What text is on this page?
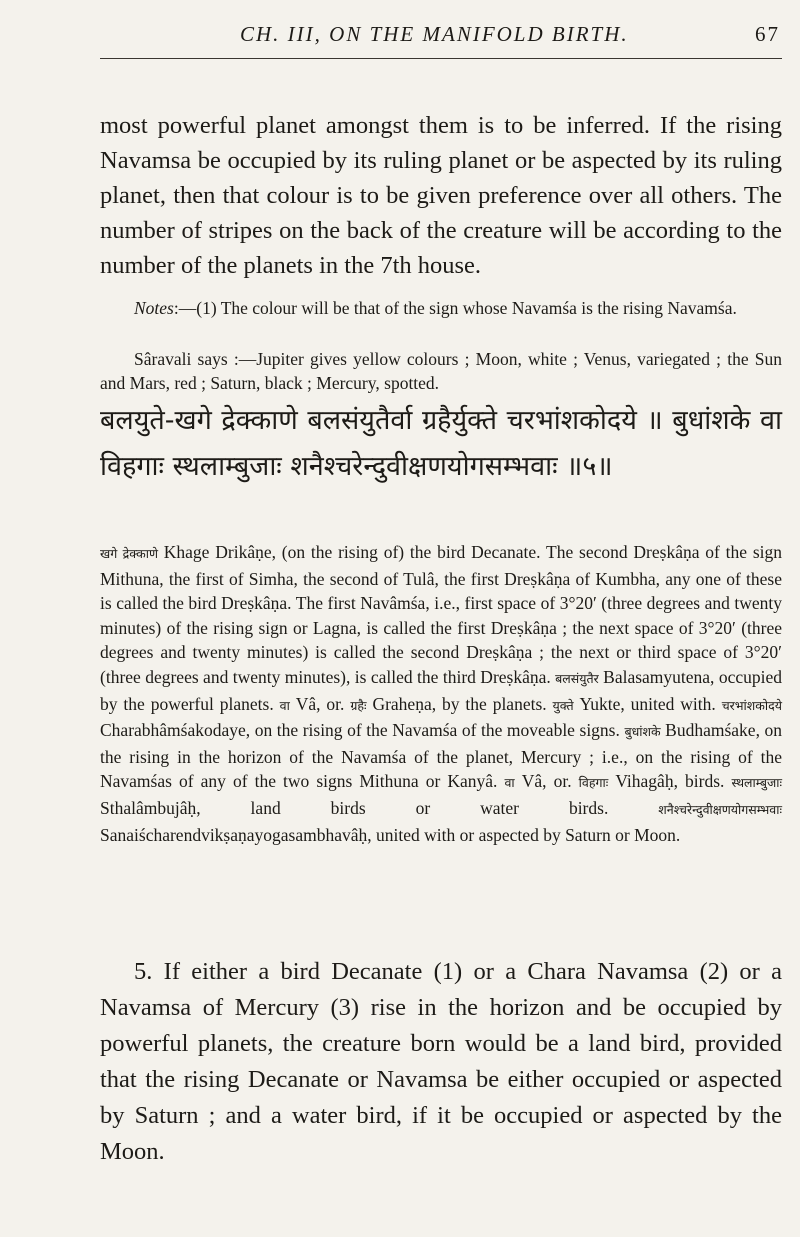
CH. III, ON THE MANIFOLD BIRTH.	67

most powerful planet amongst them is to be inferred. If the rising Navamsa be occupied by its ruling planet or be aspected by its ruling planet, then that colour is to be given preference over all others. The number of stripes on the back of the creature will be according to the number of the planets in the 7th house.

Notes:—(1) The colour will be that of the sign whose Navamśa is the rising Navamśa.

Sâravali says :—Jupiter gives yellow colours ; Moon, white ; Venus, variegated ; the Sun and Mars, red ; Saturn, black ; Mercury, spotted.

बलयुते-खगे द्रेक्काणे बलसंयुतैर्वा ग्रहैर्युक्ते चरभांशकोदये ॥ बुधांशके वा विहगाः स्थलाम्बुजाः शनैश्चरेन्दुवीक्षणयोगसम्भवाः ॥५॥

खगे द्रेक्काणे Khage Drikâṇe, (on the rising of) the bird Decanate. The second Dreṣkâṇa of the sign Mithuna, the first of Simha, the second of Tulâ, the first Dreṣkâṇa of Kumbha, any one of these is called the bird Dreṣkâṇa. The first Navâmśa, i.e., first space of 3°20′ (three degrees and twenty minutes) of the rising sign or Lagna, is called the first Dreṣkâṇa ; the next space of 3°20′ (three degrees and twenty minutes) is called the second Dreṣkâṇa ; the next or third space of 3°20′ (three degrees and twenty minutes), is called the third Dreṣkâṇa. बलसंयुतैर Balasamyutena, occupied by the powerful planets. वा Vâ, or. ग्रहैः Graheṇa, by the planets. युक्ते Yukte, united with. चरभांशकोदये Charabhâmśakodaye, on the rising of the Navamśa of the moveable signs. बुधांशके Budhamśake, on the rising in the horizon of the Navamśa of the planet, Mercury ; i.e., on the rising of the Navamśas of any of the two signs Mithuna or Kanyâ. वा Vâ, or. विहगाः Vihagâḥ, birds. स्थलाम्बुजाः Sthalâmbujâḥ, land birds or water birds. शनैश्चरेन्दुवीक्षणयोगसम्भवाः Sanaiścharendvikṣaṇayogasambhavâḥ, united with or aspected by Saturn or Moon.

5. If either a bird Decanate (1) or a Chara Navamsa (2) or a Navamsa of Mercury (3) rise in the horizon and be occupied by powerful planets, the creature born would be a land bird, provided that the rising Decanate or Navamsa be either occupied or aspected by Saturn ; and a water bird, if it be occupied or aspected by the Moon.
